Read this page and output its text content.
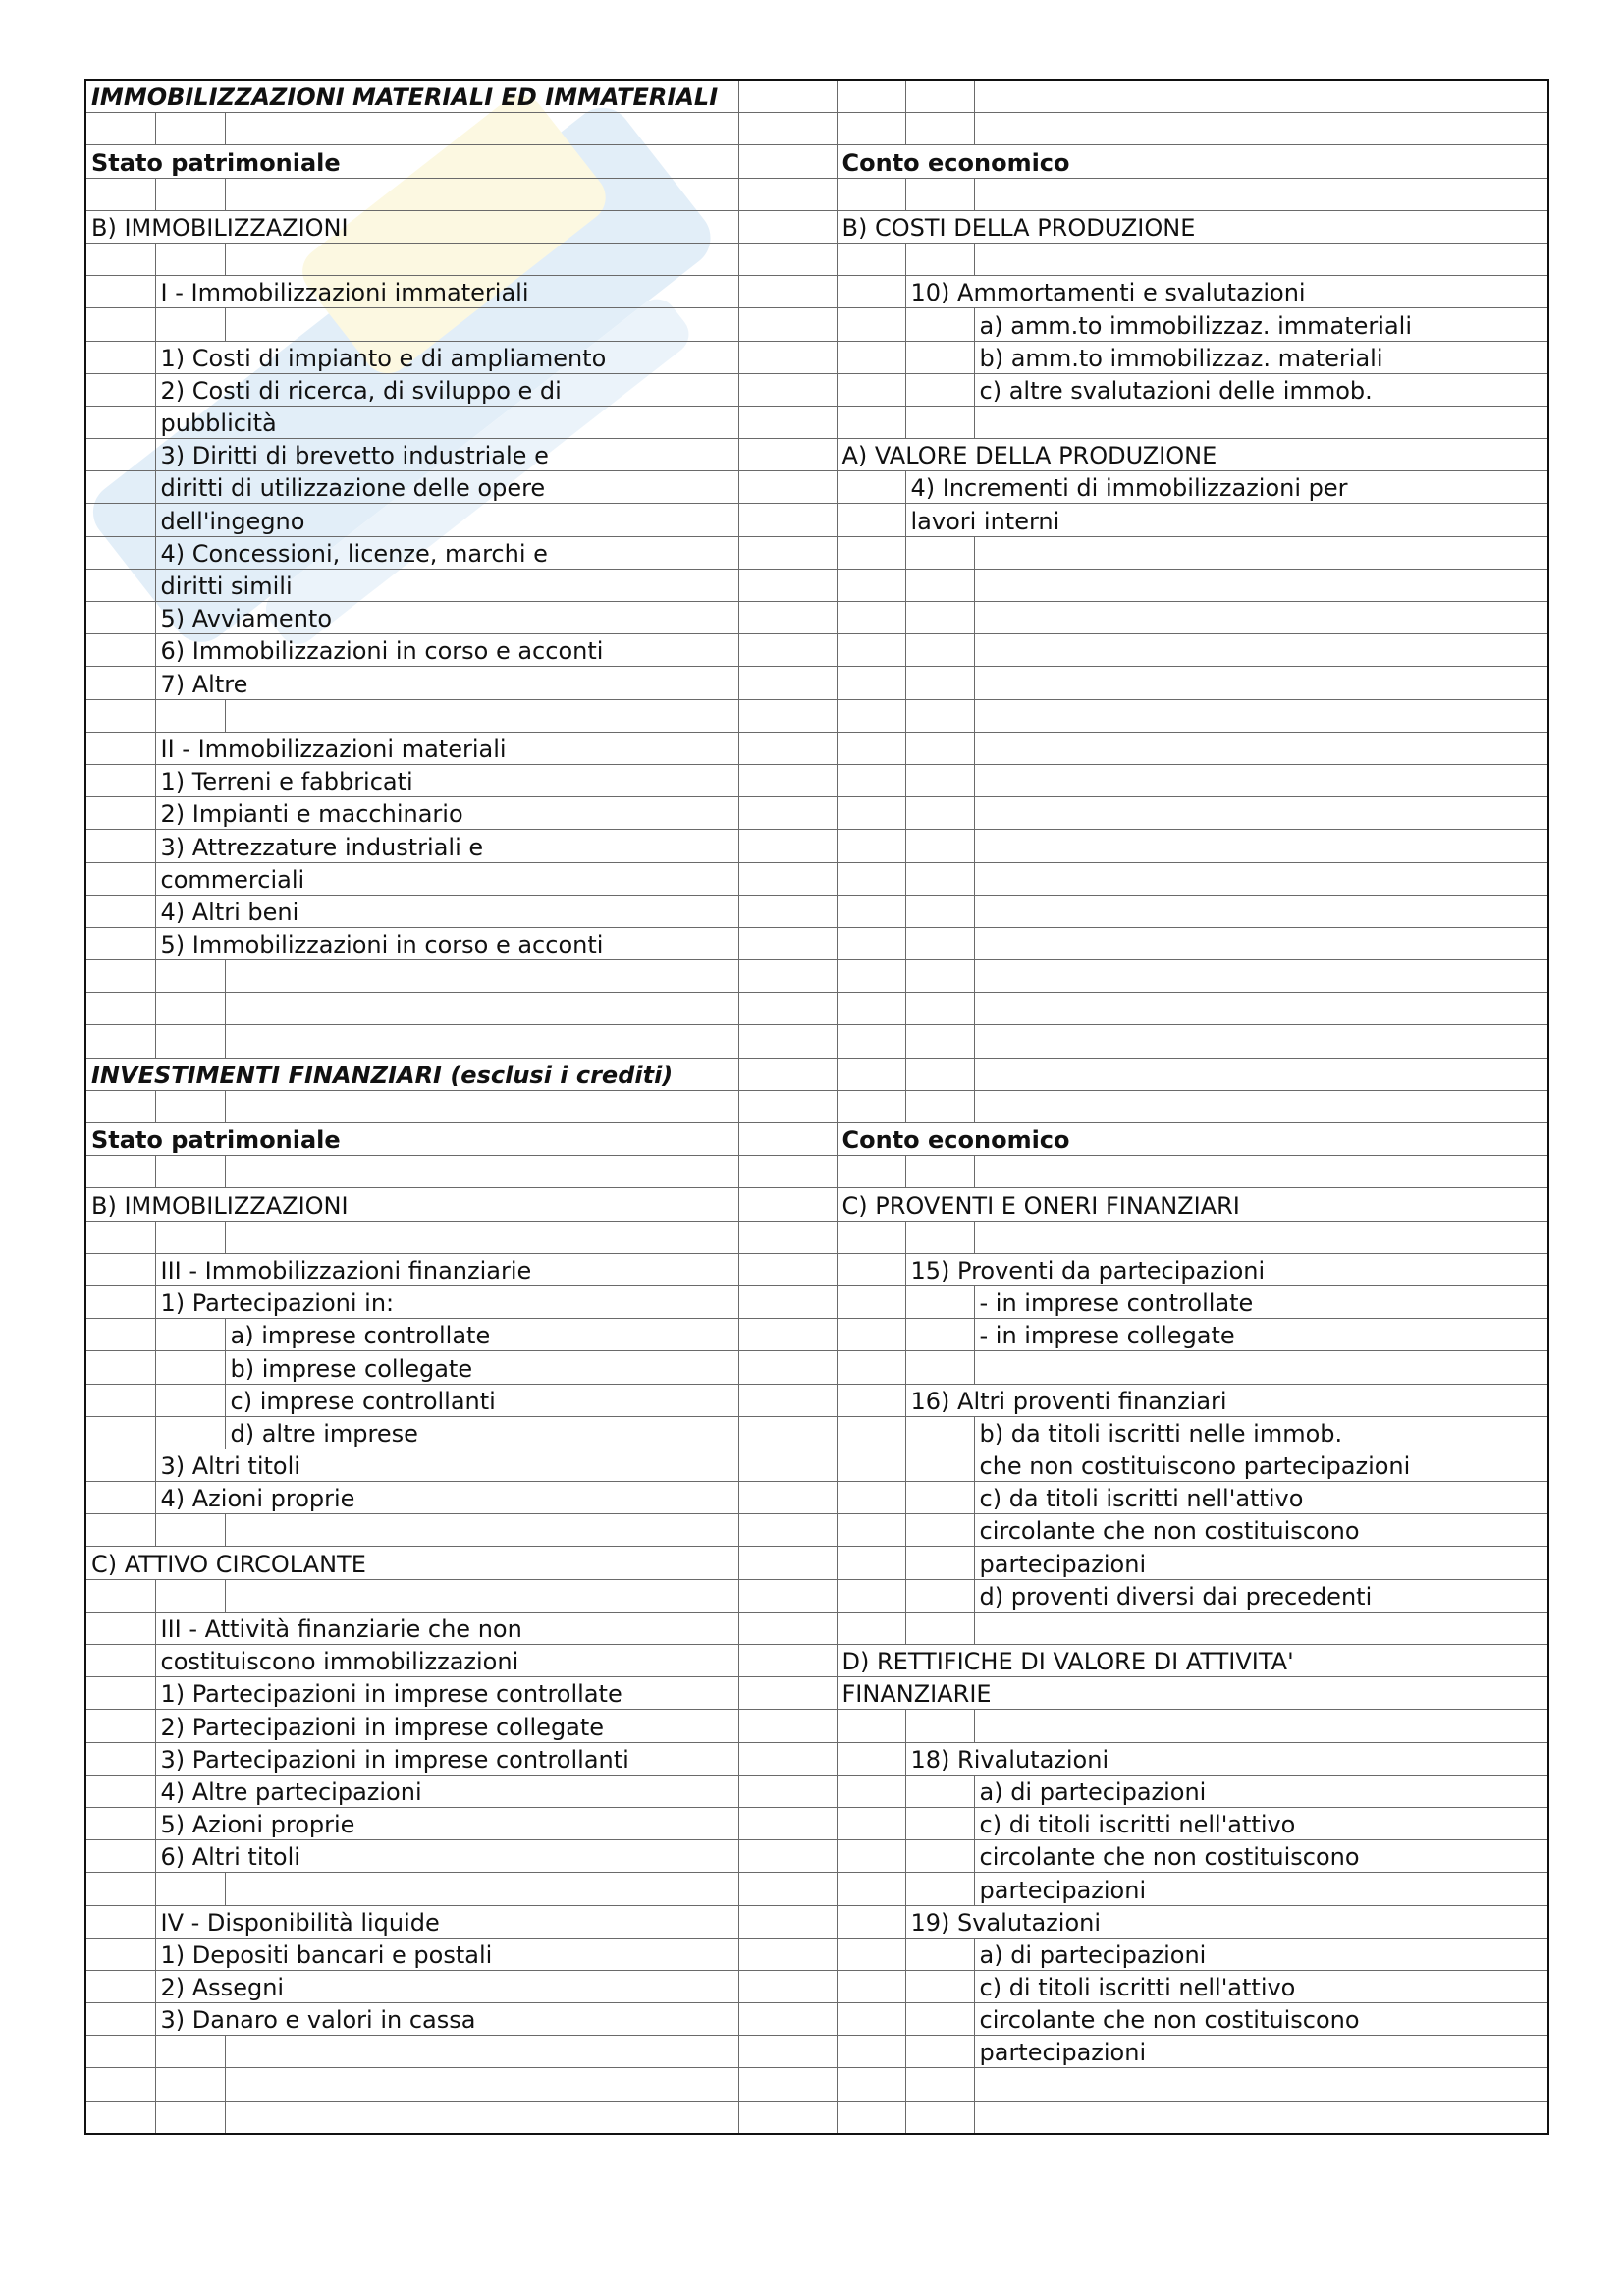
IMMOBILIZZAZIONI MATERIALI ED IMMATERIALI						

Stato patrimoniale				Conto economico		

B) IMMOBILIZZAZIONI				B) COSTI DELLA PRODUZIONE		

	I - Immobilizzazioni immateriali				10) Ammortamenti e svalutazioni	
						a) amm.to immobilizzaz. immateriali
	1) Costi di impianto e di ampliamento					b) amm.to immobilizzaz. materiali
	2) Costi di ricerca, di sviluppo e di					c) altre svalutazioni delle immob.
	pubblicità					
	3) Diritti di brevetto industriale e			A) VALORE DELLA PRODUZIONE		
	diritti di utilizzazione delle opere				4) Incrementi di immobilizzazioni per	
	dell'ingegno				lavori interni	
	4) Concessioni, licenze, marchi e					
	diritti simili					
	5) Avviamento					
	6) Immobilizzazioni in corso e acconti					
	7) Altre					

	II - Immobilizzazioni materiali					
	1) Terreni e fabbricati					
	2) Impianti e macchinario					
	3) Attrezzature industriali e					
	commerciali					
	4) Altri beni					
	5) Immobilizzazioni in corso e acconti					

INVESTIMENTI FINANZIARI (esclusi i crediti)						

Stato patrimoniale				Conto economico		

B) IMMOBILIZZAZIONI				C) PROVENTI E ONERI FINANZIARI		

	III - Immobilizzazioni finanziarie				15) Proventi da partecipazioni	
	1) Partecipazioni in:					- in imprese controllate
		a) imprese controllate				- in imprese collegate
		b) imprese collegate				
		c) imprese controllanti			16) Altri proventi finanziari	
		d) altre imprese				b) da titoli iscritti nelle immob.
	3) Altri titoli					che non costituiscono partecipazioni
	4) Azioni proprie					c) da titoli iscritti nell'attivo
						circolante che non costituiscono
C) ATTIVO CIRCOLANTE						partecipazioni
						d) proventi diversi dai precedenti
	III - Attività finanziarie che non					
	costituiscono immobilizzazioni			D) RETTIFICHE DI VALORE DI ATTIVITA'		
	1) Partecipazioni in imprese controllate			FINANZIARIE		
	2) Partecipazioni in imprese collegate					
	3) Partecipazioni in imprese controllanti				18) Rivalutazioni	
	4) Altre partecipazioni					a) di partecipazioni
	5) Azioni proprie					c) di titoli iscritti nell'attivo
	6) Altri titoli					circolante che non costituiscono
						partecipazioni
	IV - Disponibilità liquide				19) Svalutazioni	
	1) Depositi bancari e postali					a) di partecipazioni
	2) Assegni					c) di titoli iscritti nell'attivo
	3) Danaro e valori in cassa					circolante che non costituiscono
						partecipazioni
